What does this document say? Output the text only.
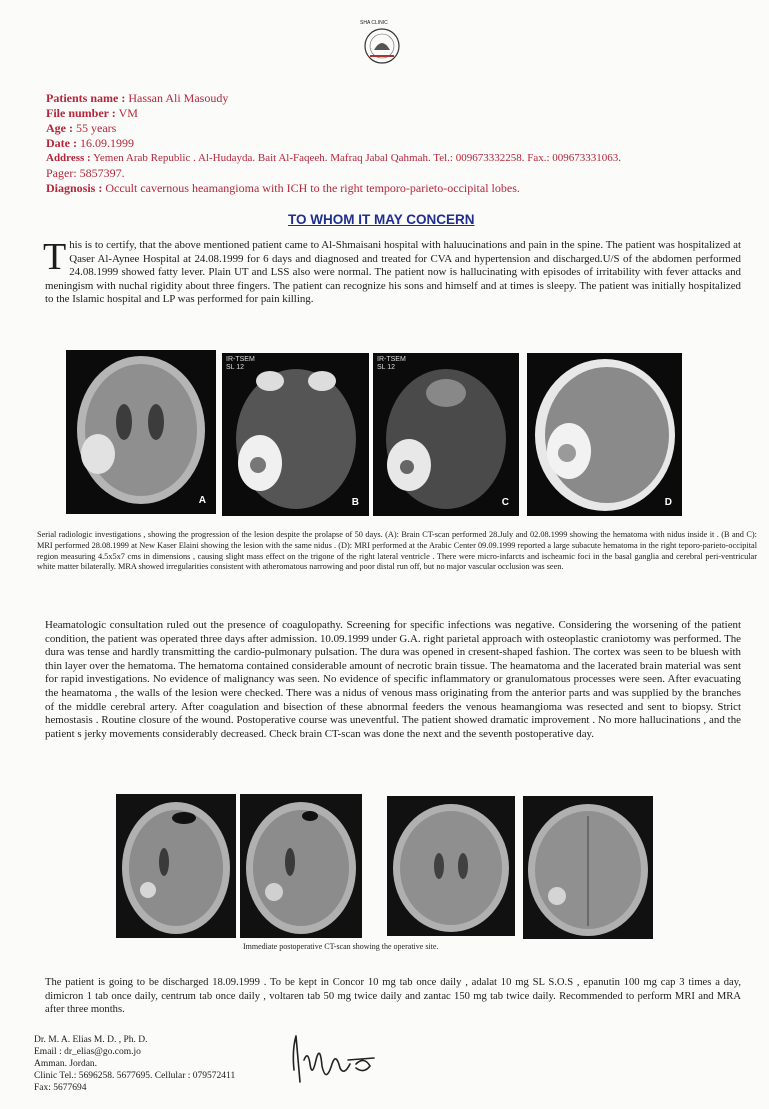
SHA CLINIC
Patients name : Hassan Ali Masoudy
File number : VM
Age : 55 years
Date : 16.09.1999
Address : Yemen Arab Republic . Al-Hudayda. Bait Al-Faqeeh. Mafraq Jabal Qahmah. Tel.: 009673332258. Fax.: 009673331063.
Pager: 5857397.
Diagnosis : Occult cavernous heamangioma with ICH to the right temporo-parieto-occipital lobes.
TO WHOM IT MAY CONCERN

This is to certify, that the above mentioned patient came to Al-Shmaisani hospital with haluucinations and pain in the spine. The patient was hospitalized at Qaser Al-Aynee Hospital at 24.08.1999 for 6 days and diagnosed and treated for CVA and hypertension and discharged.U/S of the abdomen performed 24.08.1999 showed fatty lever. Plain UT and LSS also were normal. The patient now is hallucinating with episodes of irritability with fever attacks and meningism with nuchal rigidity about three fingers. The patient can recognize his sons and himself and at times is sleepy. The patient was initially hospitalized to the Islamic hospital and LP was performed for pain killing.

A
IR-TSEM
SL 12
B
IR-TSEM
SL 12
C	D

Serial radiologic investigations , showing the progression of the lesion despite the prolapse of 50 days. (A): Brain CT-scan performed 28.July and 02.08.1999 showing the hematoma with nidus inside it . (B and C): MRI performed 28.08.1999 at New Kaser Elaini showing the lesion with the same nidus . (D): MRI performed at the Arabic Center 09.09.1999 reported a large subacute hematoma in the right teporo-parieto-occipital region measuring 4.5x5x7 cms in dimensions , causing slight mass effect on the trigone of the right lateral ventricle . There were micro-infarcts and ischeamic foci in the basal ganglia and cerebral peri-ventricular white matter bilaterally. MRA showed irregularities consistent with atheromatous narrowing and poor distal run off, but no major vascular occlusion was seen.

Heamatologic consultation ruled out the presence of coagulopathy. Screening for specific infections was negative. Considering the worsening of the patient condition, the patient was operated three days after admission. 10.09.1999 under G.A. right parietal approach with osteoplastic craniotomy was performed. The dura was tense and hardly transmitting the cardio-pulmonary pulsation. The dura was opened in cresent-shaped fashion. The cortex was seen to be bluesh with thin layer over the hematoma. The hematoma contained considerable amount of necrotic brain tissue. The heamatoma and the lacerated brain material was sent for rapid investigations. No evidence of malignancy was seen. No evidence of specific inflammatory or granulomatous processes were seen. After evacuating the heamatoma , the walls of the lesion were checked. There was a nidus of venous mass originating from the anterior parts and was supplied by the branches of the middle cerebral artery. After coagulation and bisection of these abnormal feeders the venous heamangioma was resected and sent to biopsy. Strict hemostasis . Routine closure of the wound. Postoperative course was uneventful. The patient showed dramatic improvement . No more hallucinations , and the patient s jerky movements considerably decreased. Check brain CT-scan was done the next and the seventh postoperative day.

Immediate postoperative CT-scan showing the operative site.

The patient is going to be discharged 18.09.1999 . To be kept in Concor 10 mg tab once daily , adalat 10 mg SL S.O.S , epanutin 100 mg cap 3 times a day, dimicron 1 tab once daily, centrum tab once daily , voltaren tab 50 mg twice daily and zantac 150 mg tab twice daily. Recommended to perform MRI and MRA after three months.

Dr. M. A. Elias M. D. , Ph. D.
Email : dr_elias@go.com.jo
Amman. Jordan.
Clinic Tel.: 5696258. 5677695. Cellular : 079572411
Fax: 5677694
